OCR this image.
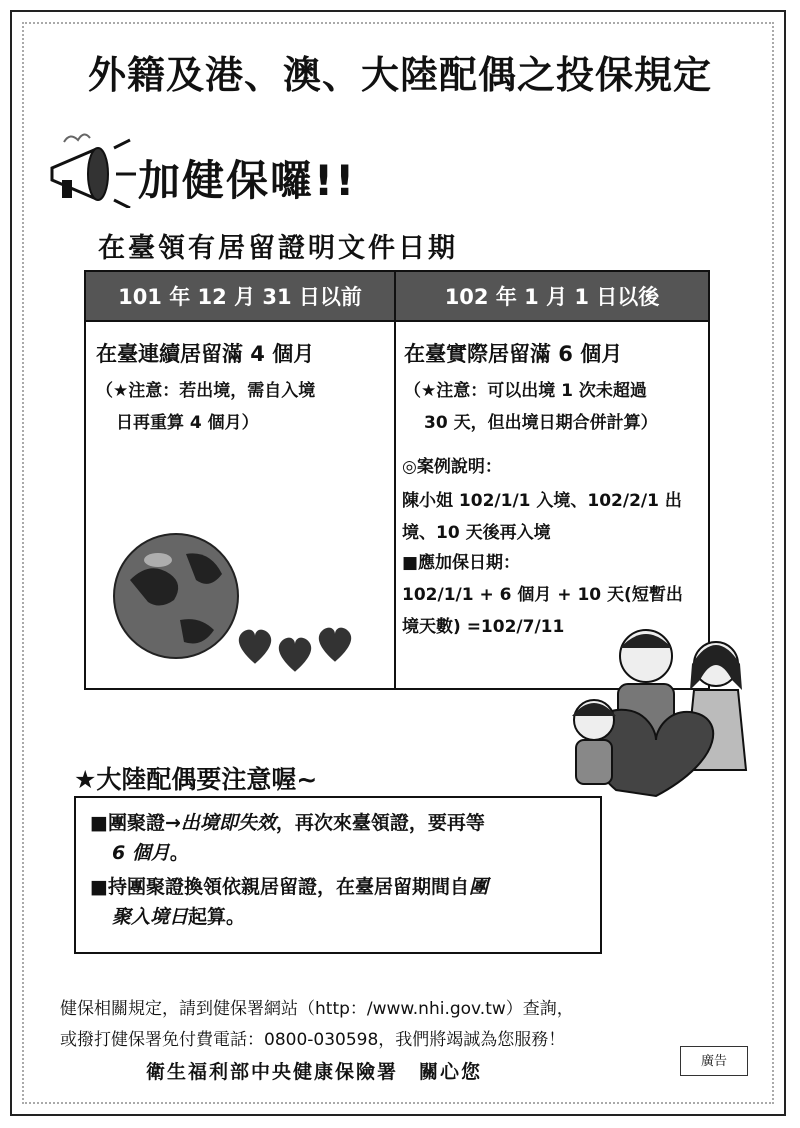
外籍及港、澳、大陸配偶之投保規定
加健保囉!!
在臺領有居留證明文件日期
101 年 12 月 31 日以前	102 年 1 月 1 日以後
在臺連續居留滿 4 個月
（★注意：若出境，需自入境
日再重算 4 個月）
在臺實際居留滿 6 個月
（★注意：可以出境 1 次未超過
30 天，但出境日期合併計算）
◎案例說明：
陳小姐 102/1/1 入境、102/2/1 出
境、10 天後再入境
■應加保日期：
102/1/1 + 6 個月 + 10 天(短暫出
境天數) =102/7/11
★大陸配偶要注意喔~
■團聚證→出境即失效，再次來臺領證，要再等
6 個月。
■持團聚證換領依親居留證，在臺居留期間自團
聚入境日起算。
健保相關規定，請到健保署網站（http：/www.nhi.gov.tw）查詢，
或撥打健保署免付費電話：0800-030598，我們將竭誠為您服務！
衛生福利部中央健康保險署　關心您	廣告
